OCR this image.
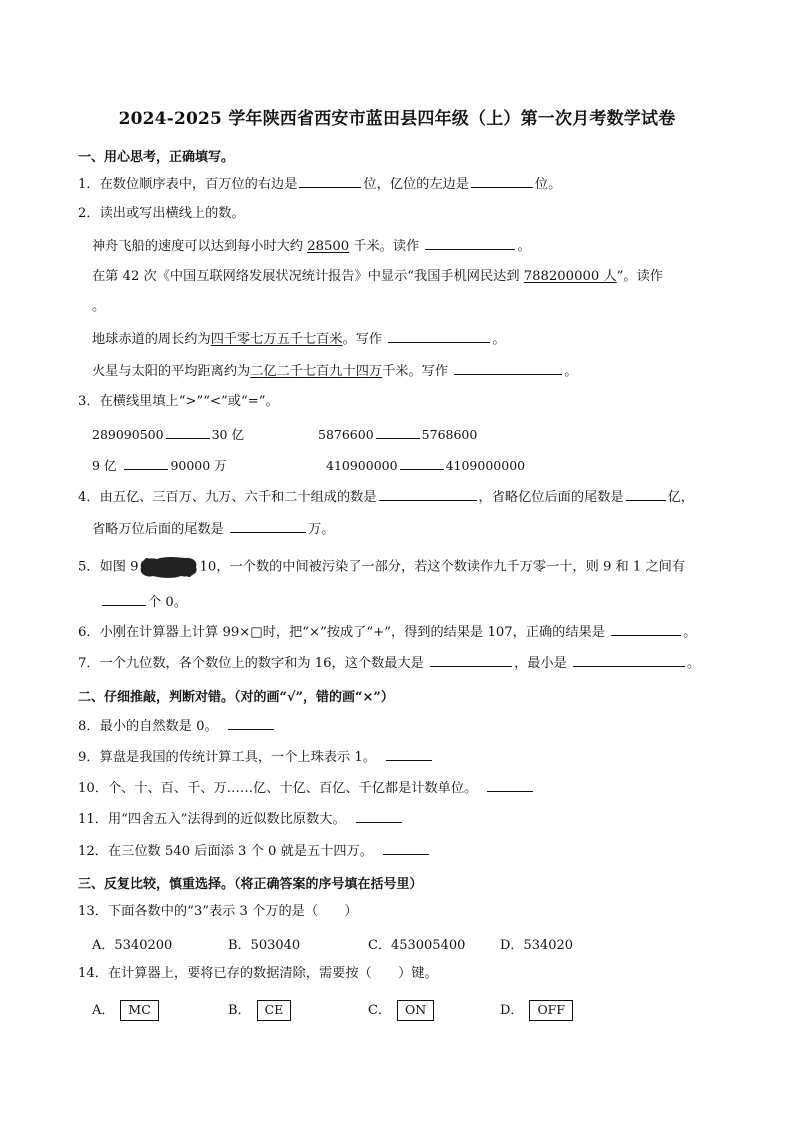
2024-2025 学年陕西省西安市蓝田县四年级（上）第一次月考数学试卷
一、用心思考，正确填写。
1．在数位顺序表中，百万位的右边是	位，亿位的左边是	位。
2．读出或写出横线上的数。
神舟飞船的速度可以达到每小时大约 28500 千米。读作	。
在第 42 次《中国互联网络发展状况统计报告》中显示“我国手机网民达到 788200000 人”。读作
。
地球赤道的周长约为四千零七万五千七百米。写作	。
火星与太阳的平均距离约为二亿二千七百九十四万千米。写作	。
3．在横线里填上“>”“<”或“=”。
289090500	30 亿	5876600	5768600
9 亿	90000 万	410900000	4109000000
4．由五亿、三百万、九万、六千和二十组成的数是	，省略亿位后面的尾数是	亿，
省略万位后面的尾数是	万。
5．如图 9	10，一个数的中间被污染了一部分，若这个数读作九千万零一十，则 9 和 1 之间有
个 0。
6．小刚在计算器上计算 99×□时，把“×”按成了“+”，得到的结果是 107，正确的结果是	。
7．一个九位数，各个数位上的数字和为 16，这个数最大是	，最小是	。
二、仔细推敲，判断对错。（对的画“√”，错的画“×”）
8．最小的自然数是 0。
9．算盘是我国的传统计算工具，一个上珠表示 1。
10．个、十、百、千、万……亿、十亿、百亿、千亿都是计数单位。
11．用“四舍五入”法得到的近似数比原数大。
12．在三位数 540 后面添 3 个 0 就是五十四万。
三、反复比较，慎重选择。（将正确答案的序号填在括号里）
13．下面各数中的“3”表示 3 个万的是（　　）
A．5340200	B．503040	C．453005400	D．534020
14．在计算器上，要将已存的数据清除，需要按（　　）键。
A． MC	B． CE	C． ON	D． OFF
